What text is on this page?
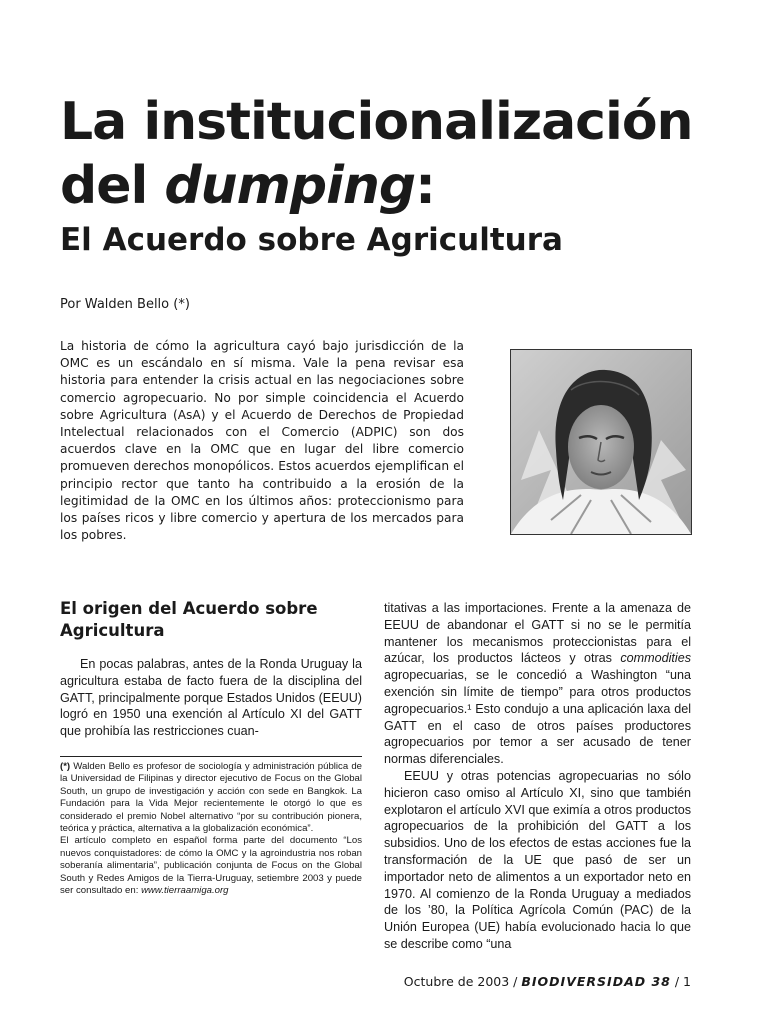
La institucionalización
del dumping:
El Acuerdo sobre Agricultura
Por Walden Bello (*)

La historia de cómo la agricultura cayó bajo jurisdicción de la OMC es un escándalo en sí misma. Vale la pena revisar esa historia para entender la crisis actual en las negociaciones sobre comercio agropecuario. No por simple coincidencia el Acuerdo sobre Agricultura (AsA) y el Acuerdo de Derechos de Propiedad Intelectual relacionados con el Comercio (ADPIC) son dos acuerdos clave en la OMC que en lugar del libre comercio promueven derechos monopólicos. Estos acuerdos ejemplifican el principio rector que tanto ha contribuido a la erosión de la legitimidad de la OMC en los últimos años: proteccionismo para los países ricos y libre comercio y apertura de los mercados para los pobres.

El origen del Acuerdo sobre Agricultura

En pocas palabras, antes de la Ronda Uruguay la agricultura estaba de facto fuera de la disciplina del GATT, principalmente porque Estados Unidos (EEUU) logró en 1950 una exención al Artículo XI del GATT que prohibía las restricciones cuan-

(*) Walden Bello es profesor de sociología y administración pública de la Universidad de Filipinas y director ejecutivo de Focus on the Global South, un grupo de investigación y acción con sede en Bangkok. La Fundación para la Vida Mejor recientemente le otorgó lo que es considerado el premio Nobel alternativo “por su contribución pionera, teórica y práctica, alternativa a la globalización económica”.

El artículo completo en español forma parte del documento “Los nuevos conquistadores: de cómo la OMC y la agroindustria nos roban soberanía alimentaria”, publicación conjunta de Focus on the Global South y Redes Amigos de la Tierra-Uruguay, setiembre 2003 y puede ser consultado en: www.tierraamiga.org

titativas a las importaciones. Frente a la amenaza de EEUU de abandonar el GATT si no se le permitía mantener los mecanismos proteccionistas para el azúcar, los productos lácteos y otras commodities agropecuarias, se le concedió a Washington “una exención sin límite de tiempo” para otros productos agropecuarios.¹ Esto condujo a una aplicación laxa del GATT en el caso de otros países productores agropecuarios por temor a ser acusado de tener normas diferenciales.

EEUU y otras potencias agropecuarias no sólo hicieron caso omiso al Artículo XI, sino que también explotaron el artículo XVI que eximía a otros productos agropecuarios de la prohibición del GATT a los subsidios. Uno de los efectos de estas acciones fue la transformación de la UE que pasó de ser un importador neto de alimentos a un exportador neto en 1970. Al comienzo de la Ronda Uruguay a mediados de los ’80, la Política Agrícola Común (PAC) de la Unión Europea (UE) había evolucionado hacia lo que se describe como “una

Octubre de 2003 / BIODIVERSIDAD 38 / 1
